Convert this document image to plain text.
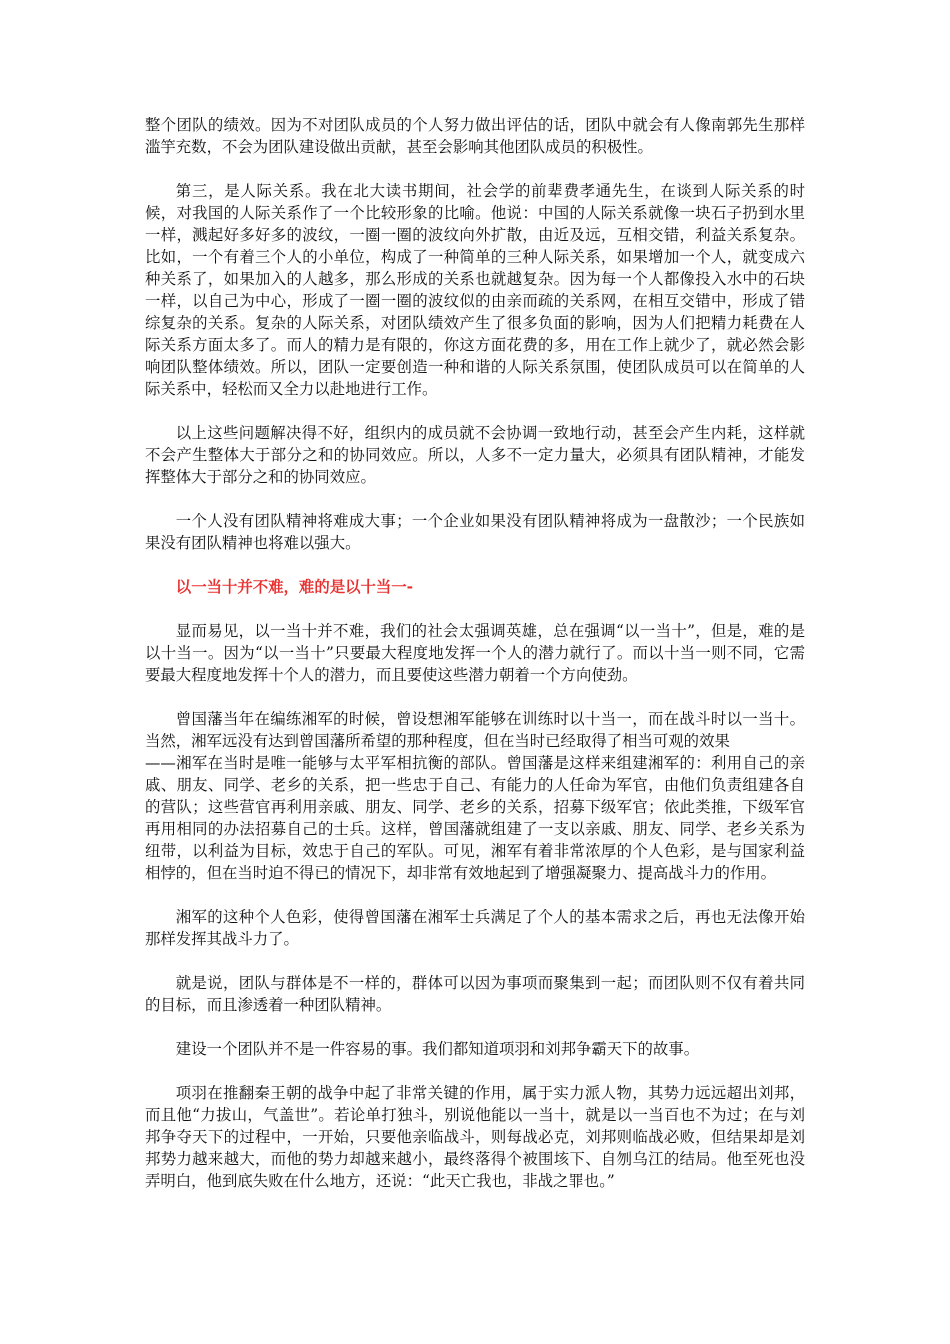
整个团队的绩效。因为不对团队成员的个人努力做出评估的话，团队中就会有人像南郭先生那样滥竽充数，不会为团队建设做出贡献，甚至会影响其他团队成员的积极性。

第三，是人际关系。我在北大读书期间，社会学的前辈费孝通先生，在谈到人际关系的时候，对我国的人际关系作了一个比较形象的比喻。他说：中国的人际关系就像一块石子扔到水里一样，溅起好多好多的波纹，一圈一圈的波纹向外扩散，由近及远，互相交错，利益关系复杂。比如，一个有着三个人的小单位，构成了一种简单的三种人际关系，如果增加一个人，就变成六种关系了，如果加入的人越多，那么形成的关系也就越复杂。因为每一个人都像投入水中的石块一样，以自己为中心，形成了一圈一圈的波纹似的由亲而疏的关系网，在相互交错中，形成了错综复杂的关系。复杂的人际关系，对团队绩效产生了很多负面的影响，因为人们把精力耗费在人际关系方面太多了。而人的精力是有限的，你这方面花费的多，用在工作上就少了，就必然会影响团队整体绩效。所以，团队一定要创造一种和谐的人际关系氛围，使团队成员可以在简单的人际关系中，轻松而又全力以赴地进行工作。

以上这些问题解决得不好，组织内的成员就不会协调一致地行动，甚至会产生内耗，这样就不会产生整体大于部分之和的协同效应。所以，人多不一定力量大，必须具有团队精神，才能发挥整体大于部分之和的协同效应。

一个人没有团队精神将难成大事；一个企业如果没有团队精神将成为一盘散沙；一个民族如果没有团队精神也将难以强大。

以一当十并不难，难的是以十当一-

显而易见，以一当十并不难，我们的社会太强调英雄，总在强调“以一当十”，但是，难的是以十当一。因为“以一当十”只要最大程度地发挥一个人的潜力就行了。而以十当一则不同，它需要最大程度地发挥十个人的潜力，而且要使这些潜力朝着一个方向使劲。

曾国藩当年在编练湘军的时候，曾设想湘军能够在训练时以十当一，而在战斗时以一当十。当然，湘军远没有达到曾国藩所希望的那种程度，但在当时已经取得了相当可观的效果
——湘军在当时是唯一能够与太平军相抗衡的部队。曾国藩是这样来组建湘军的：利用自己的亲戚、朋友、同学、老乡的关系，把一些忠于自己、有能力的人任命为军官，由他们负责组建各自的营队；这些营官再利用亲戚、朋友、同学、老乡的关系，招募下级军官；依此类推，下级军官再用相同的办法招募自己的士兵。这样，曾国藩就组建了一支以亲戚、朋友、同学、老乡关系为纽带，以利益为目标，效忠于自己的军队。可见，湘军有着非常浓厚的个人色彩，是与国家利益相悖的，但在当时迫不得已的情况下，却非常有效地起到了增强凝聚力、提高战斗力的作用。

湘军的这种个人色彩，使得曾国藩在湘军士兵满足了个人的基本需求之后，再也无法像开始那样发挥其战斗力了。

就是说，团队与群体是不一样的，群体可以因为事项而聚集到一起；而团队则不仅有着共同的目标，而且渗透着一种团队精神。

建设一个团队并不是一件容易的事。我们都知道项羽和刘邦争霸天下的故事。

项羽在推翻秦王朝的战争中起了非常关键的作用，属于实力派人物，其势力远远超出刘邦，而且他“力拔山，气盖世”。若论单打独斗，别说他能以一当十，就是以一当百也不为过；在与刘邦争夺天下的过程中，一开始，只要他亲临战斗，则每战必克，刘邦则临战必败，但结果却是刘邦势力越来越大，而他的势力却越来越小，最终落得个被围垓下、自刎乌江的结局。他至死也没弄明白，他到底失败在什么地方，还说：“此天亡我也，非战之罪也。”
